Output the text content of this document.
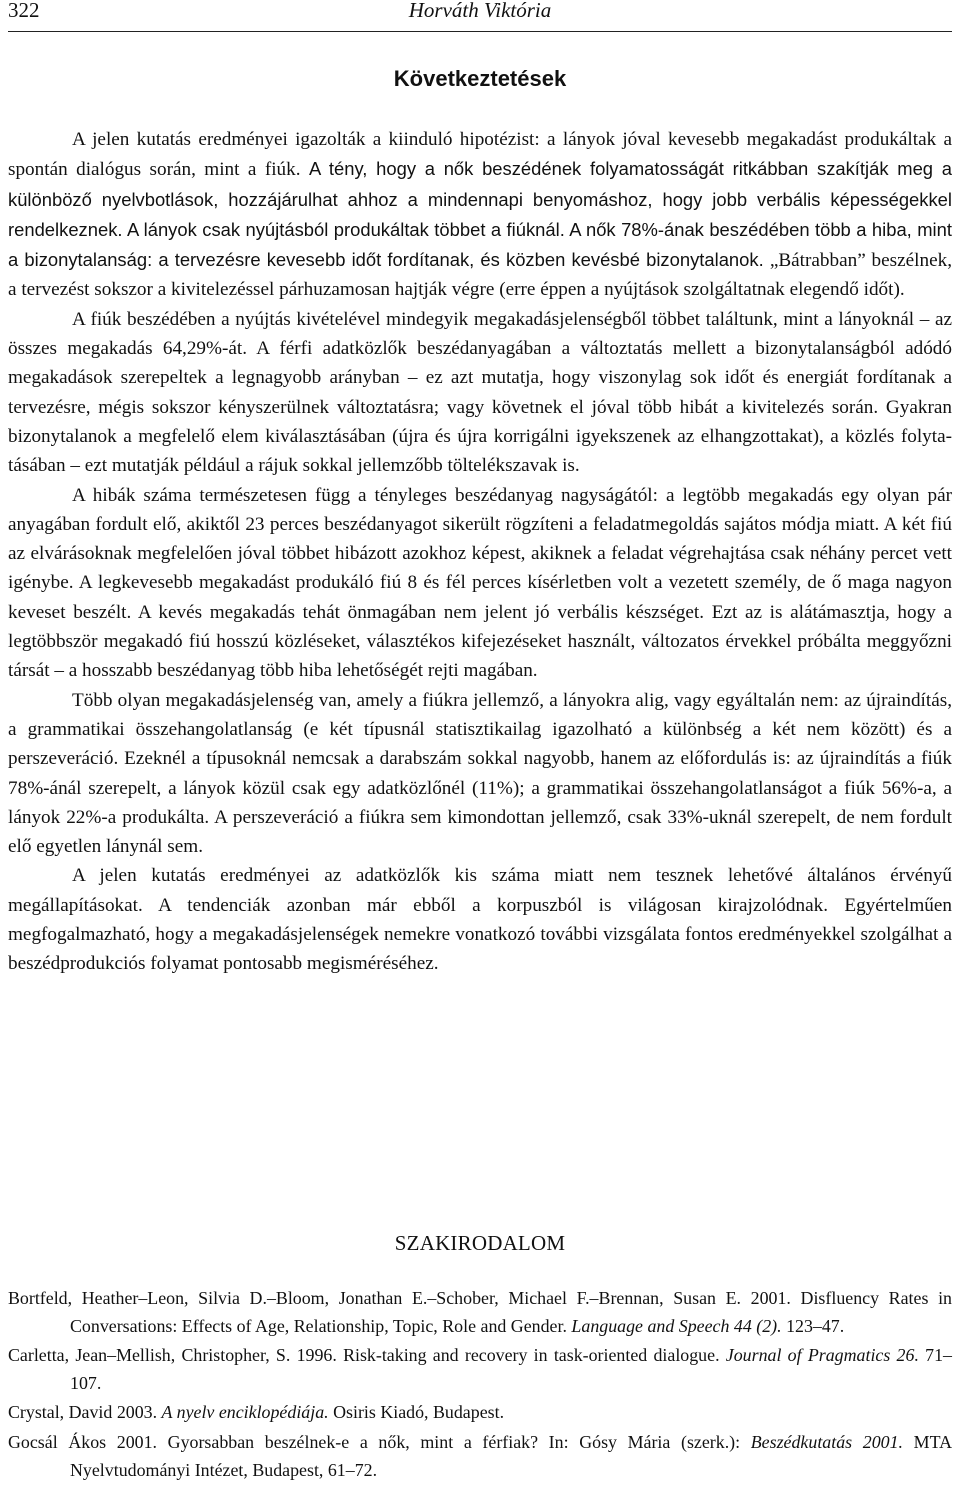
322	Horváth Viktória
Következtetések

A jelen kutatás eredményei igazolták a kiinduló hipotézist: a lányok jóval kevesebb megakadást produkáltak a spontán dialógus során, mint a fiúk. A tény, hogy a nők beszédének folyamatosságát ritkábban szakítják meg a különböző nyelvbotlások, hozzájárulhat ahhoz a mindennapi benyomáshoz, hogy jobb verbális képességekkel rendelkeznek. A lányok csak nyújtásból produkáltak többet a fiúknál. A nők 78%-ának beszédében több a hiba, mint a bizonytalanság: a tervezésre kevesebb időt fordítanak, és közben kevésbé bizonytalanok. „Bátrabban” beszélnek, a tervezést sokszor a kivitelezéssel párhuzamosan hajtják végre (erre éppen a nyújtások szolgáltatnak elegendő időt).

A fiúk beszédében a nyújtás kivételével mindegyik megakadásjelenségből többet találtunk, mint a lányoknál – az összes megakadás 64,29%-át. A férfi adatközlők beszédanyagában a változtatás mellett a bizonytalanságból adódó megakadások szerepeltek a legnagyobb arányban – ez azt mutatja, hogy viszonylag sok időt és energiát fordítanak a tervezésre, mégis sokszor kényszerülnek változtatásra; vagy követnek el jóval több hibát a kivitelezés során. Gyakran bizonytalanok a megfelelő elem kiválasztásában (újra és újra korrigálni igyekszenek az elhangzottakat), a közlés folytatásában – ezt mutatják például a rájuk sokkal jellemzőbb töltelékszavak is.

A hibák száma természetesen függ a tényleges beszédanyag nagyságától: a legtöbb megakadás egy olyan pár anyagában fordult elő, akiktől 23 perces beszédanyagot sikerült rögzíteni a feladatmegoldás sajátos módja miatt. A két fiú az elvárásoknak megfelelően jóval többet hibázott azokhoz képest, akiknek a feladat végrehajtása csak néhány percet vett igénybe. A legkevesebb megakadást produkáló fiú 8 és fél perces kísérletben volt a vezetett személy, de ő maga nagyon keveset beszélt. A kevés megakadás tehát önmagában nem jelent jó verbális készséget. Ezt az is alátámasztja, hogy a legtöbbször megakadó fiú hosszú közléseket, választékos kifejezéseket használt, változatos érvekkel próbálta meggyőzni társát – a hosszabb beszédanyag több hiba lehetőségét rejti magában.

Több olyan megakadásjelenség van, amely a fiúkra jellemző, a lányokra alig, vagy egyáltalán nem: az újraindítás, a grammatikai összehangolatlanság (e két típusnál statisztikailag igazolható a különbség a két nem között) és a perszeveráció. Ezeknél a típusoknál nemcsak a darabszám sokkal nagyobb, hanem az előfordulás is: az újraindítás a fiúk 78%-ánál szerepelt, a lányok közül csak egy adatközlőnél (11%); a grammatikai összehangolatlanságot a fiúk 56%-a, a lányok 22%-a produkálta. A perszeveráció a fiúkra sem kimondottan jellemző, csak 33%-uknál szerepelt, de nem fordult elő egyetlen lánynál sem.

A jelen kutatás eredményei az adatközlők kis száma miatt nem tesznek lehetővé általános érvényű megállapításokat. A tendenciák azonban már ebből a korpuszból is világosan kirajzolódnak. Egyértelműen megfogalmazható, hogy a megakadásjelenségek nemekre vonatkozó további vizsgálata fontos eredményekkel szolgálhat a beszédprodukciós folyamat pontosabb megisméréséhez.

SZAKIRODALOM

Bortfeld, Heather–Leon, Silvia D.–Bloom, Jonathan E.–Schober, Michael F.–Brennan, Susan E. 2001. Disfluency Rates in Conversations: Effects of Age, Relationship, Topic, Role and Gender. Language and Speech 44 (2). 123–47.

Carletta, Jean–Mellish, Christopher, S. 1996. Risk-taking and recovery in task-oriented dialogue. Journal of Pragmatics 26. 71–107.

Crystal, David 2003. A nyelv enciklopédiája. Osiris Kiadó, Budapest.

Gocsál Ákos 2001. Gyorsabban beszélnek-e a nők, mint a férfiak? In: Gósy Mária (szerk.): Beszédkutatás 2001. MTA Nyelvtudományi Intézet, Budapest, 61–72.
